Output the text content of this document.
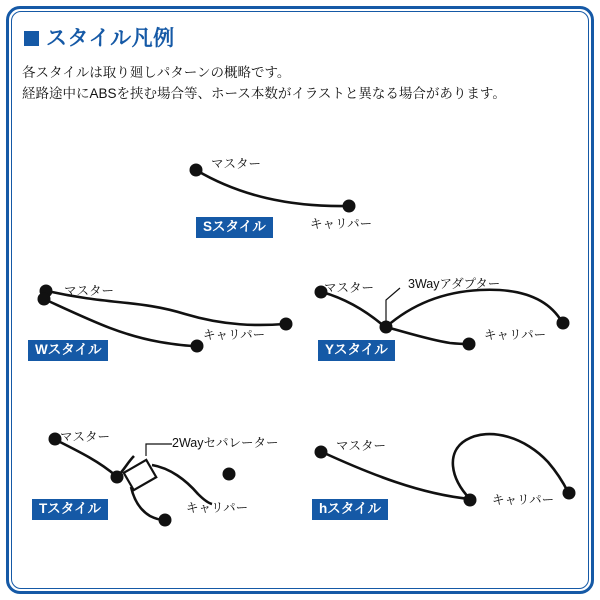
スタイル凡例
各スタイルは取り廻しパターンの概略です。
経路途中にABSを挟む場合等、ホース本数がイラストと異なる場合があります。
マスター
キャリパー
Sスタイル
マスター
キャリパー
Wスタイル
マスター	3Wayアダプター
キャリパー
Yスタイル
マスター	2Wayセパレーター
キャリパー
Tスタイル
マスター
キャリパー
hスタイル
